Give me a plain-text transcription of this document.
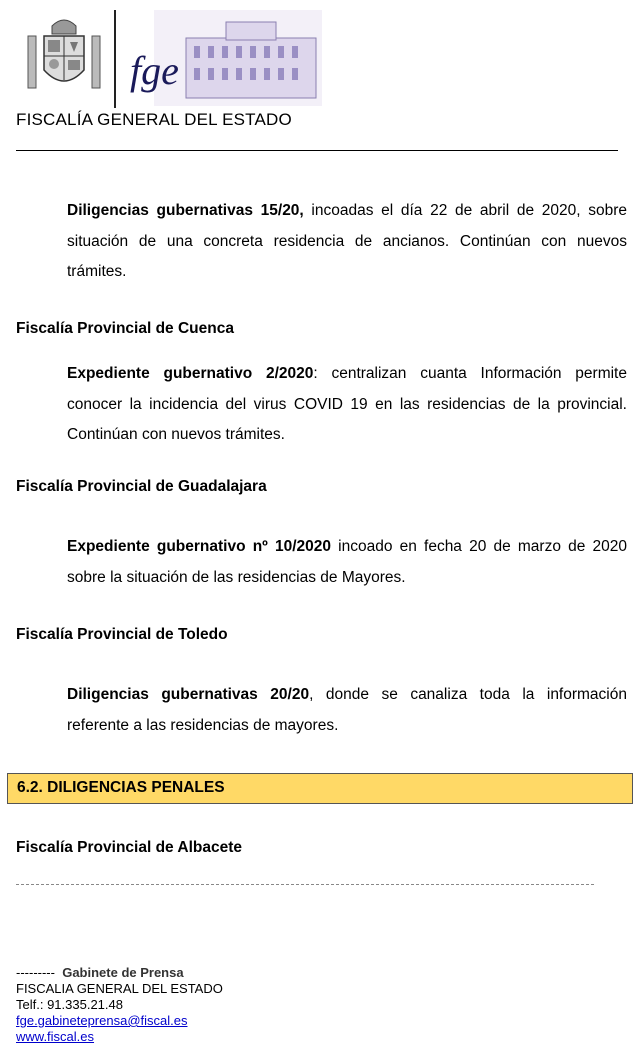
fge
FISCALÍA GENERAL DEL ESTADO
Diligencias gubernativas 15/20, incoadas el día 22 de abril de 2020, sobre situación de una concreta residencia de ancianos. Continúan con nuevos trámites.
Fiscalía Provincial de Cuenca
Expediente gubernativo 2/2020: centralizan cuanta Información permite conocer la incidencia del virus COVID 19 en las residencias de la provincial. Continúan con nuevos trámites.
Fiscalía Provincial de Guadalajara
Expediente gubernativo nº 10/2020 incoado en fecha 20 de marzo de 2020 sobre la situación de las residencias de Mayores.
Fiscalía Provincial de Toledo
Diligencias gubernativas 20/20, donde se canaliza toda la información referente a las residencias de mayores.
6.2. DILIGENCIAS PENALES
Fiscalía Provincial de Albacete
--------- Gabinete de Prensa
FISCALIA GENERAL DEL ESTADO
Telf.: 91.335.21.48
fge.gabineteprensa@fiscal.es
www.fiscal.es
